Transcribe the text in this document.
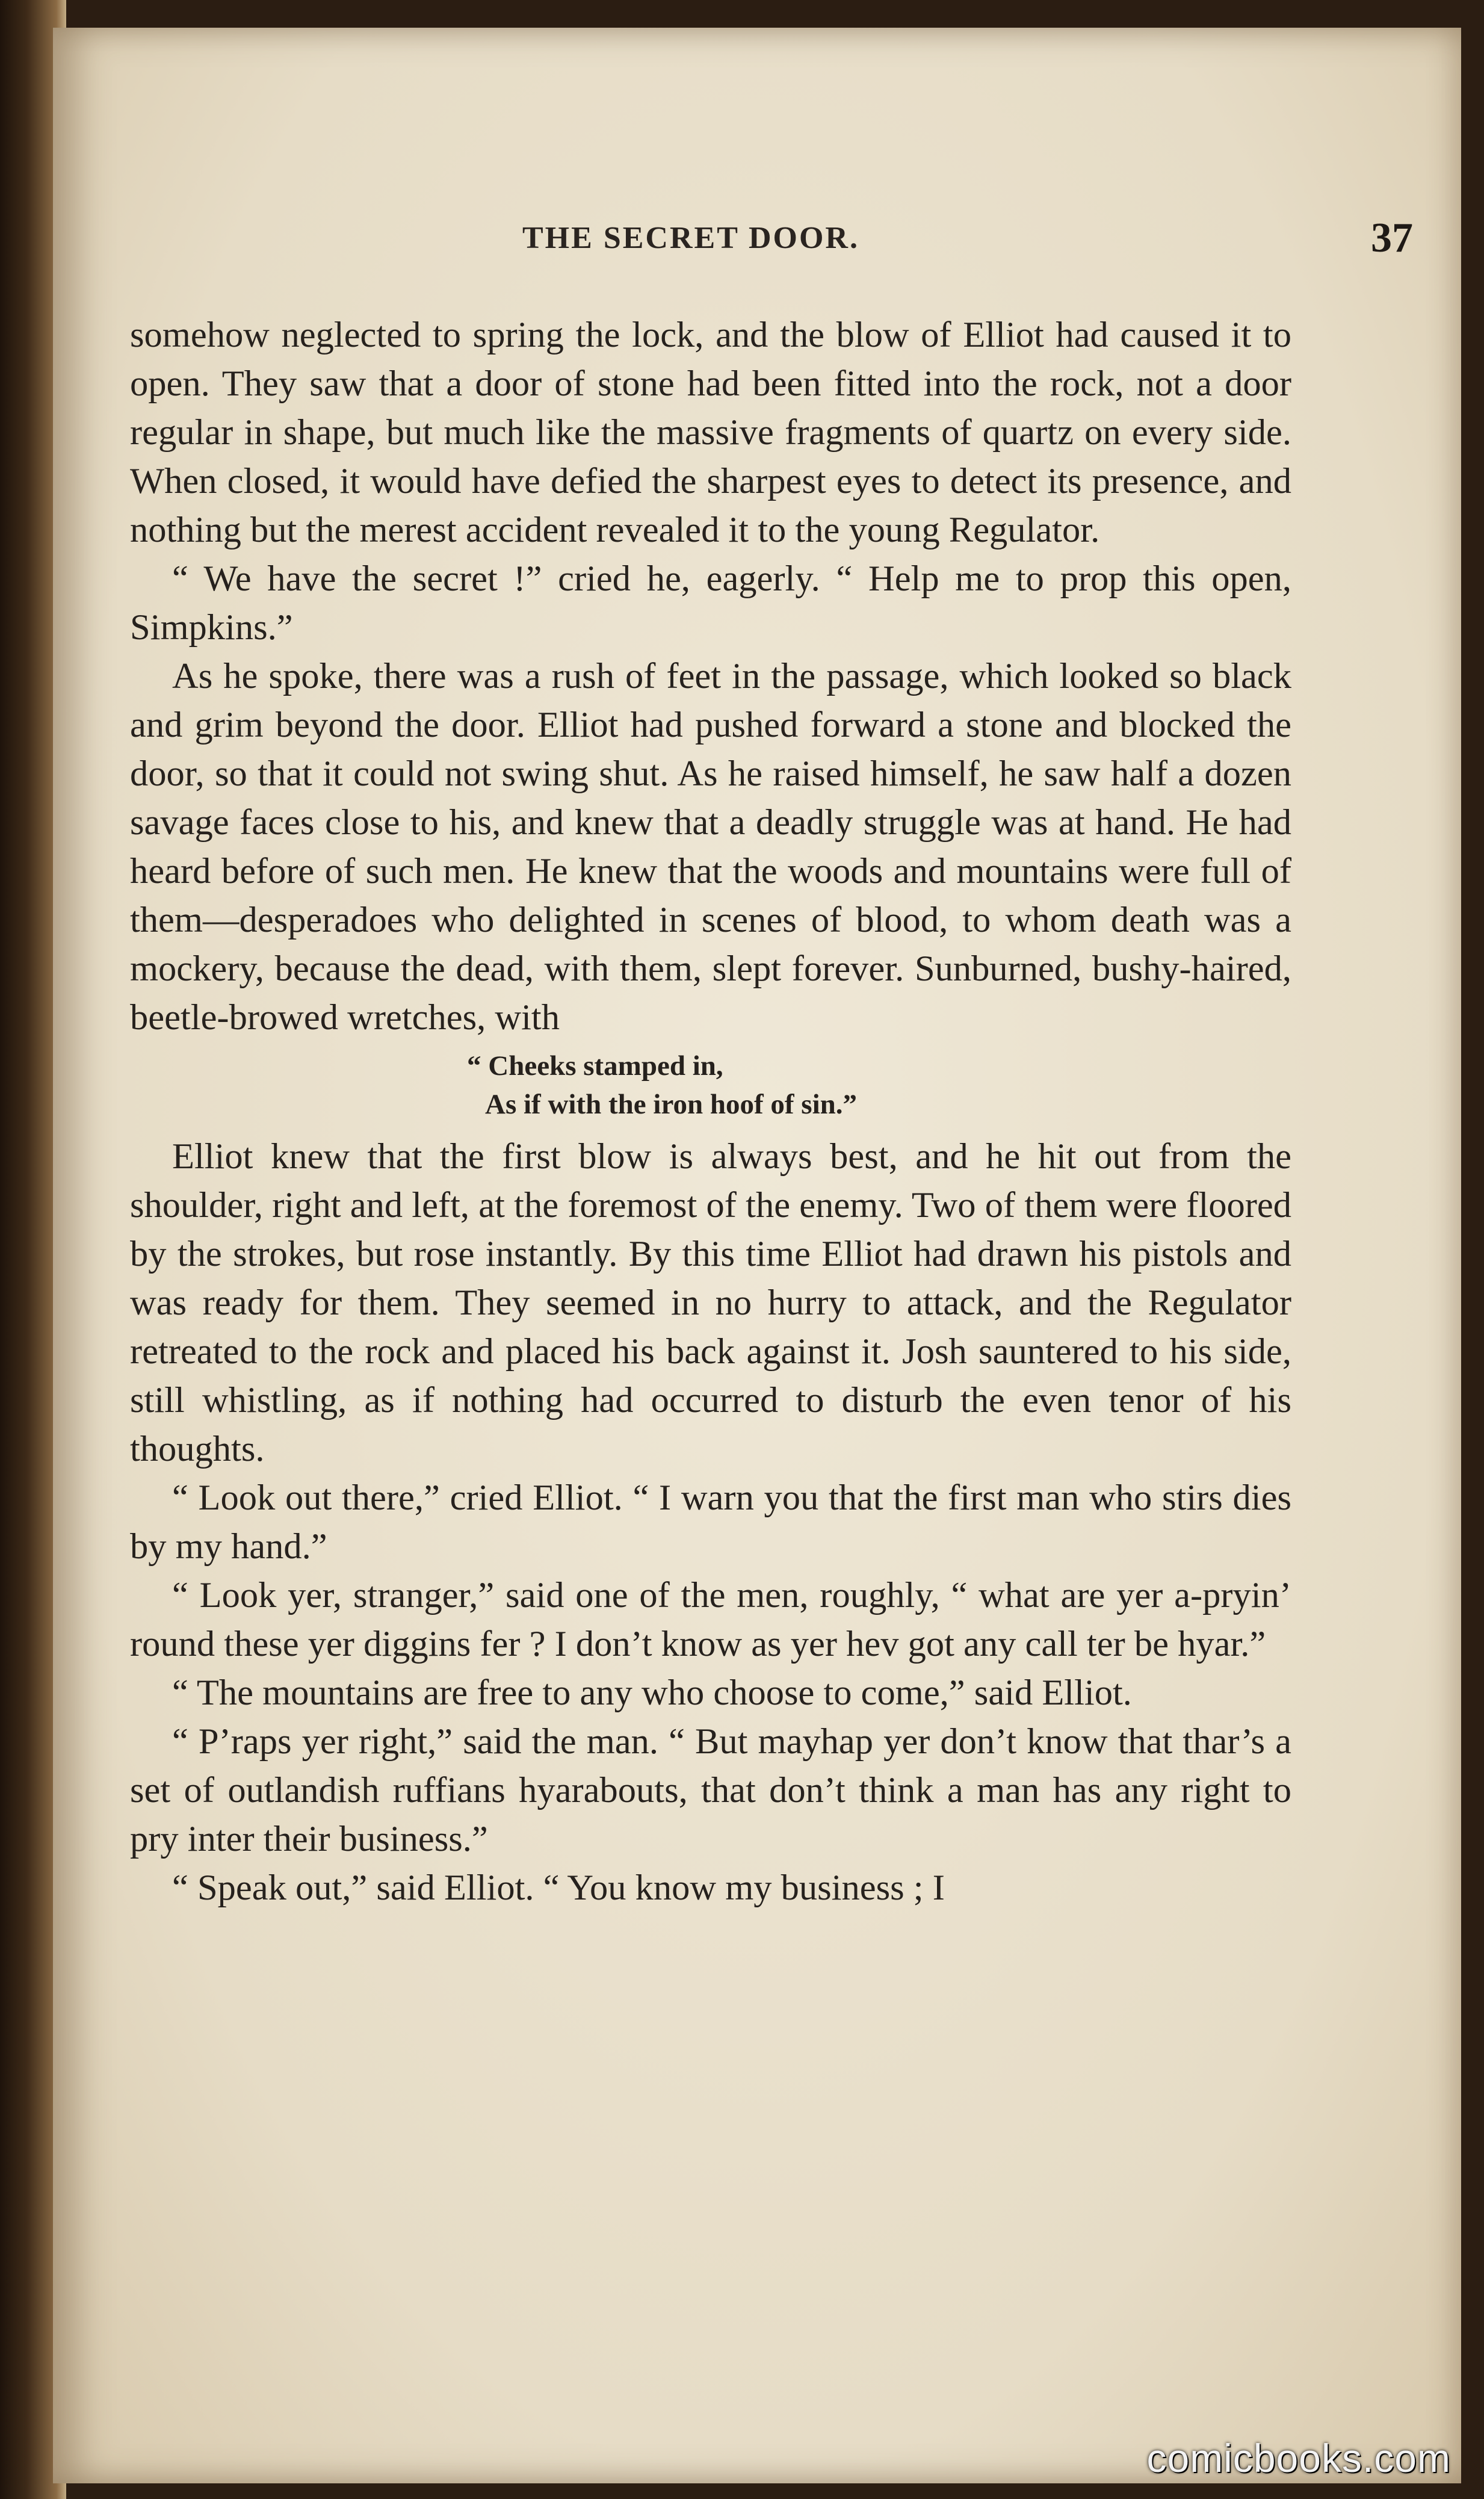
THE SECRET DOOR.	37

somehow neglected to spring the lock, and the blow of Elliot had caused it to open. They saw that a door of stone had been fitted into the rock, not a door regular in shape, but much like the massive fragments of quartz on every side. When closed, it would have defied the sharpest eyes to detect its presence, and nothing but the merest accident revealed it to the young Regulator.

“ We have the secret !” cried he, eagerly. “ Help me to prop this open, Simpkins.”

As he spoke, there was a rush of feet in the passage, which looked so black and grim beyond the door. Elliot had pushed forward a stone and blocked the door, so that it could not swing shut. As he raised himself, he saw half a dozen savage faces close to his, and knew that a deadly struggle was at hand. He had heard before of such men. He knew that the woods and mountains were full of them—desperadoes who delighted in scenes of blood, to whom death was a mockery, because the dead, with them, slept forever. Sunburned, bushy-haired, beetle-browed wretches, with

“ Cheeks stamped in,

As if with the iron hoof of sin.”

Elliot knew that the first blow is always best, and he hit out from the shoulder, right and left, at the foremost of the enemy. Two of them were floored by the strokes, but rose instantly. By this time Elliot had drawn his pistols and was ready for them. They seemed in no hurry to attack, and the Regulator retreated to the rock and placed his back against it. Josh sauntered to his side, still whistling, as if nothing had occurred to disturb the even tenor of his thoughts.

“ Look out there,” cried Elliot. “ I warn you that the first man who stirs dies by my hand.”

“ Look yer, stranger,” said one of the men, roughly, “ what are yer a-pryin’ round these yer diggins fer ? I don’t know as yer hev got any call ter be hyar.”

“ The mountains are free to any who choose to come,” said Elliot.

“ P’raps yer right,” said the man. “ But mayhap yer don’t know that thar’s a set of outlandish ruffians hyarabouts, that don’t think a man has any right to pry inter their business.”

“ Speak out,” said Elliot. “ You know my business ; I

comicbooks.com
